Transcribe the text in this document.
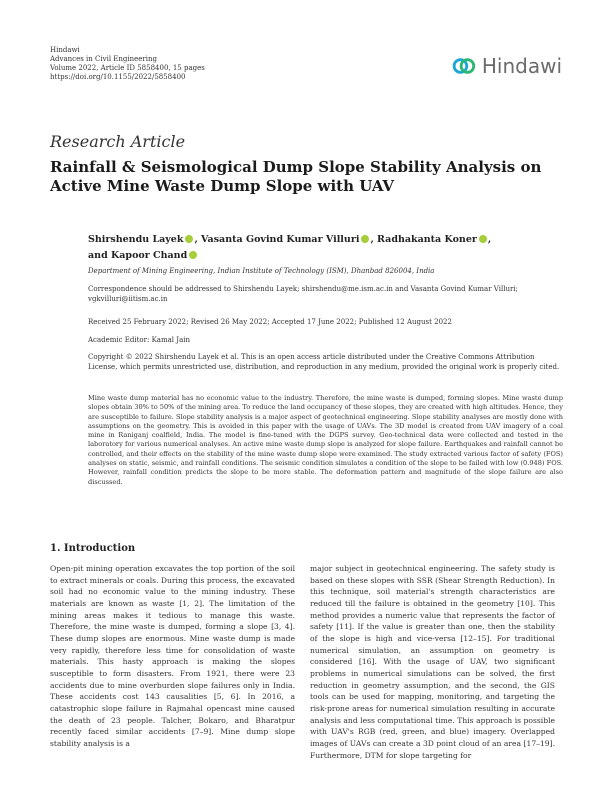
Hindawi
Advances in Civil Engineering
Volume 2022, Article ID 5858400, 15 pages
https://doi.org/10.1155/2022/5858400	Hindawi
Research Article
Rainfall & Seismological Dump Slope Stability Analysis on Active Mine Waste Dump Slope with UAV
Shirshendu Layek , Vasanta Govind Kumar Villuri , Radhakanta Koner ,
and Kapoor Chand
Department of Mining Engineering, Indian Institute of Technology (ISM), Dhanbad 826004, India
Correspondence should be addressed to Shirshendu Layek; shirshendu@me.ism.ac.in and Vasanta Govind Kumar Villuri; vgkvilluri@iitism.ac.in
Received 25 February 2022; Revised 26 May 2022; Accepted 17 June 2022; Published 12 August 2022
Academic Editor: Kamal Jain
Copyright © 2022 Shirshendu Layek et al. This is an open access article distributed under the Creative Commons Attribution License, which permits unrestricted use, distribution, and reproduction in any medium, provided the original work is properly cited.
Mine waste dump material has no economic value to the industry. Therefore, the mine waste is dumped, forming slopes. Mine waste dump slopes obtain 30% to 50% of the mining area. To reduce the land occupancy of these slopes, they are created with high altitudes. Hence, they are susceptible to failure. Slope stability analysis is a major aspect of geotechnical engineering. Slope stability analyses are mostly done with assumptions on the geometry. This is avoided in this paper with the usage of UAVs. The 3D model is created from UAV imagery of a coal mine in Raniganj coalfield, India. The model is fine-tuned with the DGPS survey. Geo-technical data were collected and tested in the laboratory for various numerical analyses. An active mine waste dump slope is analyzed for slope failure. Earthquakes and rainfall cannot be controlled, and their effects on the stability of the mine waste dump slope were examined. The study extracted various factor of safety (FOS) analyses on static, seismic, and rainfall conditions. The seismic condition simulates a condition of the slope to be failed with low (0.948) FOS. However, rainfall condition predicts the slope to be more stable. The deformation pattern and magnitude of the slope failure are also discussed.
1. Introduction
Open-pit mining operation excavates the top portion of the soil to extract minerals or coals. During this process, the excavated soil had no economic value to the mining industry. These materials are known as waste [1, 2]. The limitation of the mining areas makes it tedious to manage this waste. Therefore, the mine waste is dumped, forming a slope [3, 4]. These dump slopes are enormous. Mine waste dump is made very rapidly, therefore less time for consolidation of waste materials. This hasty approach is making the slopes susceptible to form disasters. From 1921, there were 23 accidents due to mine overburden slope failures only in India. These accidents cost 143 causalities [5, 6]. In 2016, a catastrophic slope failure in Rajmahal opencast mine caused the death of 23 people. Talcher, Bokaro, and Bharatpur recently faced similar accidents [7–9]. Mine dump slope stability analysis is a
major subject in geotechnical engineering. The safety study is based on these slopes with SSR (Shear Strength Reduction). In this technique, soil material's strength characteristics are reduced till the failure is obtained in the geometry [10]. This method provides a numeric value that represents the factor of safety [11]. If the value is greater than one, then the stability of the slope is high and vice-versa [12–15]. For traditional numerical simulation, an assumption on geometry is considered [16]. With the usage of UAV, two significant problems in numerical simulations can be solved, the first reduction in geometry assumption, and the second, the GIS tools can be used for mapping, monitoring, and targeting the risk-prone areas for numerical simulation resulting in accurate analysis and less computational time. This approach is possible with UAV's RGB (red, green, and blue) imagery. Overlapped images of UAVs can create a 3D point cloud of an area [17–19]. Furthermore, DTM for slope targeting for
